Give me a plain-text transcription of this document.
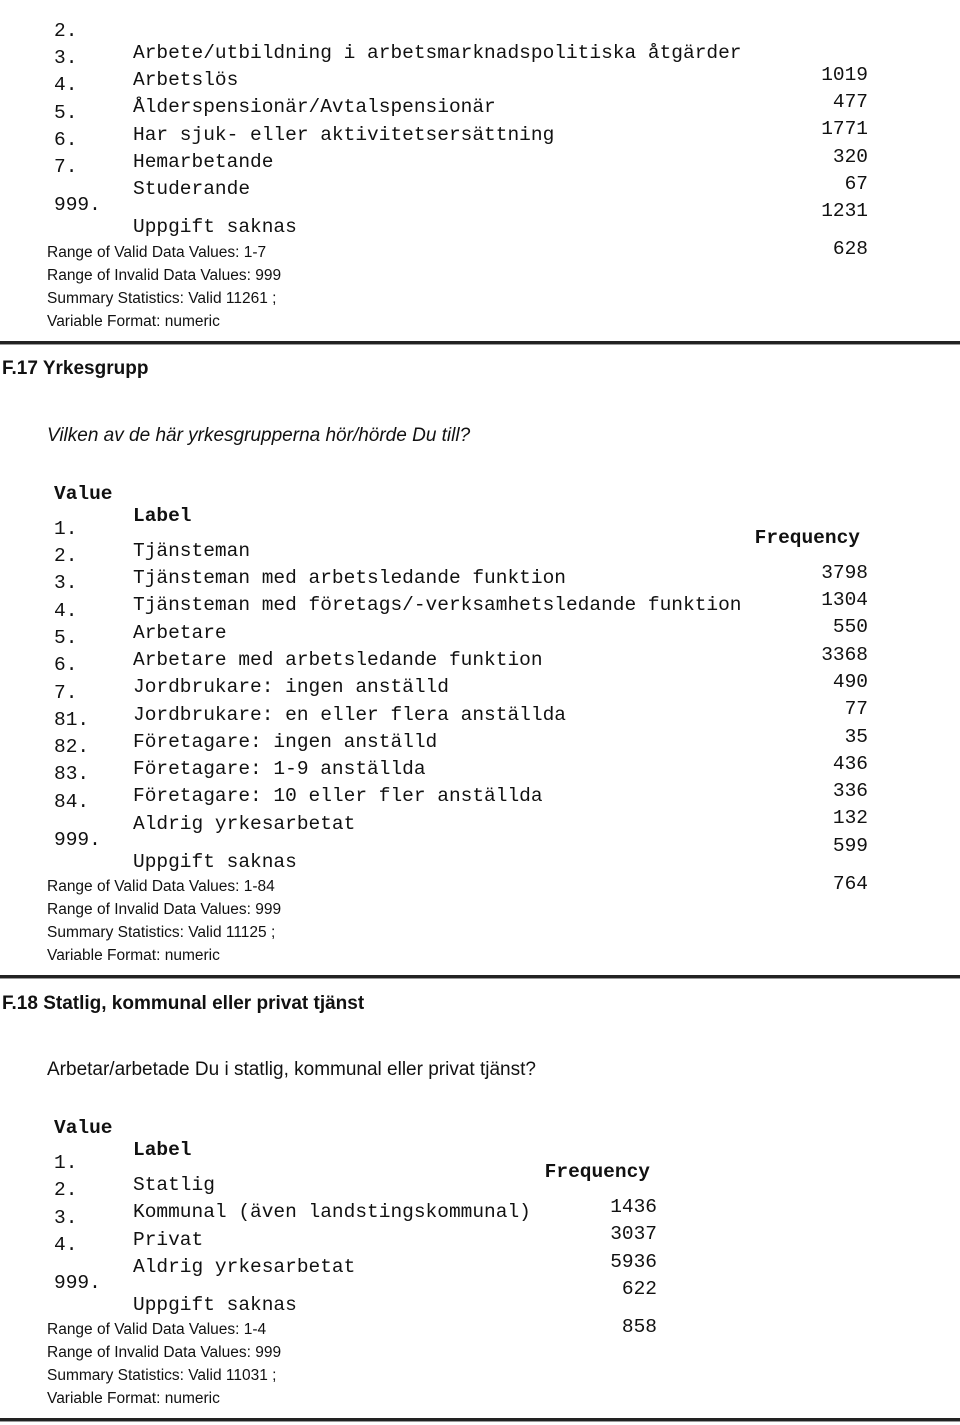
2.

Arbete/utbildning i arbetsmarknadspolitiska åtgärder

1019

3.

Arbetslös

477

4.

Ålderspensionär/Avtalspensionär

1771

5.

Har sjuk- eller aktivitetsersättning

320

6.

Hemarbetande

67

7.

Studerande

1231

999.

Uppgift saknas

628

Range of Valid Data Values: 1-7
Range of Invalid Data Values: 999
Summary Statistics: Valid 11261 ;
Variable Format: numeric
F.17 Yrkesgrupp
Vilken av de här yrkesgrupperna hör/hörde Du till?

Value

Label

Frequency

1.

Tjänsteman

3798

2.

Tjänsteman med arbetsledande funktion

1304

3.

Tjänsteman med företags/-verksamhetsledande funktion

550

4.

Arbetare

3368

5.

Arbetare med arbetsledande funktion

490

6.

Jordbrukare: ingen anställd

77

7.

Jordbrukare: en eller flera anställda

35

81.

Företagare: ingen anställd

436

82.

Företagare: 1-9 anställda

336

83.

Företagare: 10 eller fler anställda

132

84.

Aldrig yrkesarbetat

599

999.

Uppgift saknas

764

Range of Valid Data Values: 1-84
Range of Invalid Data Values: 999
Summary Statistics: Valid 11125 ;
Variable Format: numeric
F.18 Statlig, kommunal eller privat tjänst
Arbetar/arbetade Du i statlig, kommunal eller privat tjänst?

Value

Label

Frequency

1.

Statlig

1436

2.

Kommunal (även landstingskommunal)

3037

3.

Privat

5936

4.

Aldrig yrkesarbetat

622

999.

Uppgift saknas

858

Range of Valid Data Values: 1-4
Range of Invalid Data Values: 999
Summary Statistics: Valid 11031 ;
Variable Format: numeric
